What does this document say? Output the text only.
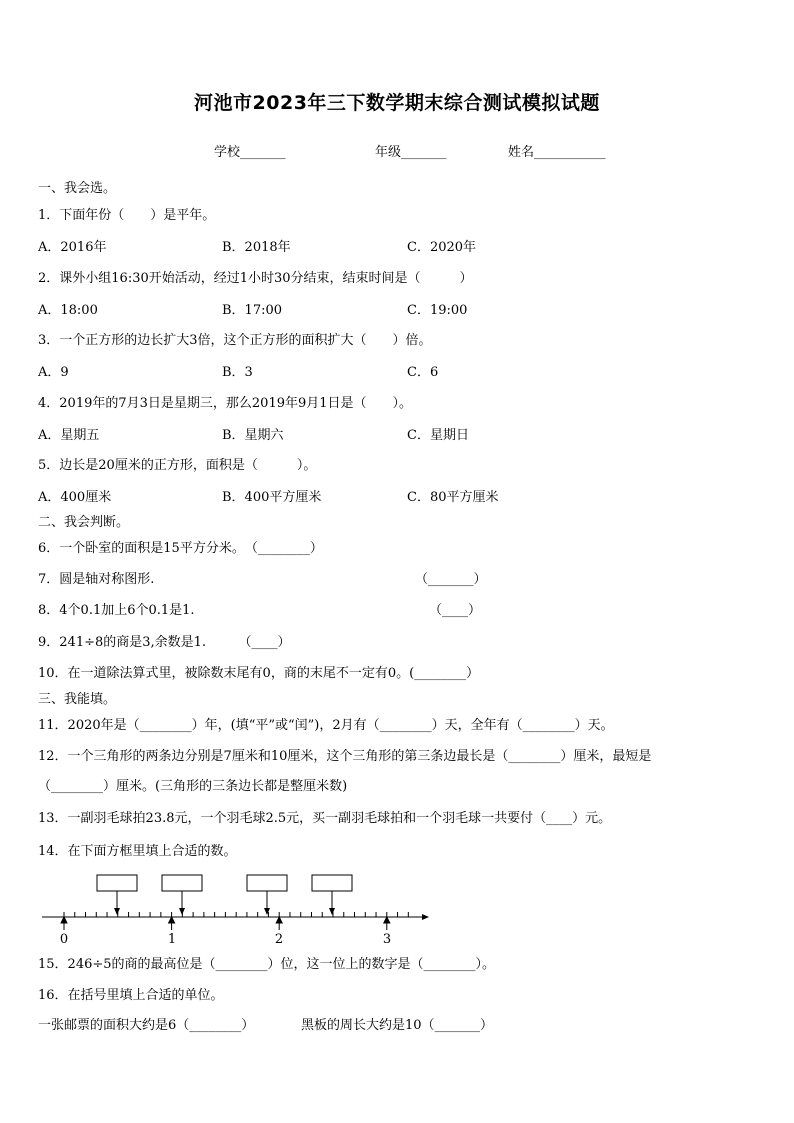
河池市2023年三下数学期末综合测试模拟试题
学校_______	年级_______	姓名___________
一、我会选。
1．下面年份（　　）是平年。
A．2016年	B．2018年	C．2020年
2．课外小组16:30开始活动，经过1小时30分结束，结束时间是（　　　）
A．18:00	B．17:00	C．19:00
3．一个正方形的边长扩大3倍，这个正方形的面积扩大（　　）倍。
A．9	B．3	C．6
4．2019年的7月3日是星期三，那么2019年9月1日是（　　）。
A．星期五	B．星期六	C．星期日
5．边长是20厘米的正方形，面积是（　　　）。
A．400厘米	B．400平方厘米	C．80平方厘米
二、我会判断。
6．一个卧室的面积是15平方分米。　（________）
7．圆是轴对称图形.	（_______）
8．4个0.1加上6个0.1是1.	（____）
9．241÷8的商是3,余数是1.　　　（____）
10．在一道除法算式里，被除数末尾有0，商的末尾不一定有0。(________）
三、我能填。
11．2020年是（________）年，(填“平”或“闰”)，2月有（________）天，全年有（________）天。
12．一个三角形的两条边分别是7厘米和10厘米，这个三角形的第三条边最长是（________）厘米，最短是
（________）厘米。(三角形的三条边长都是整厘米数)
13．一副羽毛球拍23.8元，一个羽毛球2.5元，买一副羽毛球拍和一个羽毛球一共要付（____）元。
14．在下面方框里填上合适的数。
0	1	2	3
15．246÷5的商的最高位是（________）位，这一位上的数字是（________）。
16．在括号里填上合适的单位。
一张邮票的面积大约是6（________）	黑板的周长大约是10（_______）
